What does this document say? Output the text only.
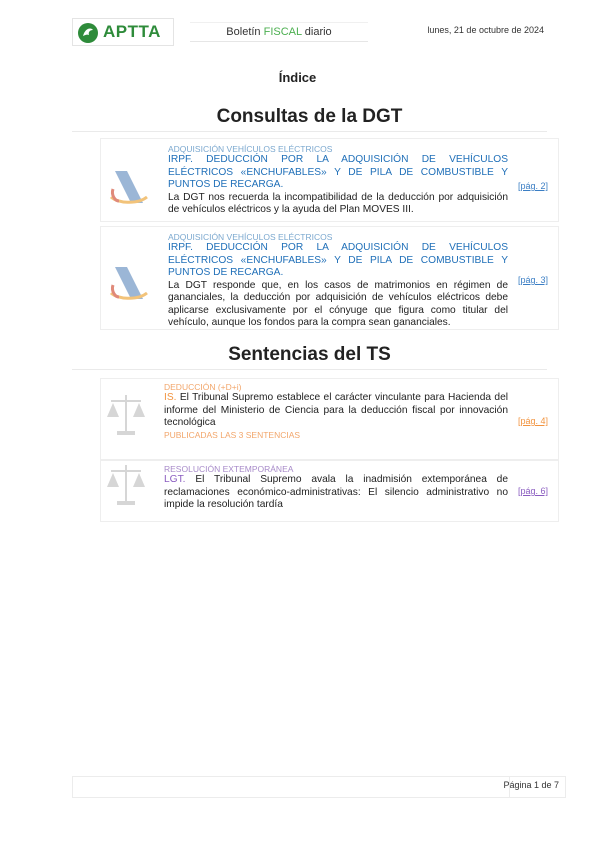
APTTA	Boletín FISCAL diario	lunes, 21 de octubre de 2024
Índice
Consultas de la DGT
ADQUISICIÓN VEHÍCULOS ELÉCTRICOS
IRPF. DEDUCCIÓN POR LA ADQUISICIÓN DE VEHÍCULOS ELÉCTRICOS «ENCHUFABLES» Y DE PILA DE COMBUSTIBLE Y PUNTOS DE RECARGA.
La DGT nos recuerda la incompatibilidad de la deducción por adquisición de vehículos eléctricos y la ayuda del Plan MOVES III.
[pág. 2]
ADQUISICIÓN VEHÍCULOS ELÉCTRICOS
IRPF. DEDUCCIÓN POR LA ADQUISICIÓN DE VEHÍCULOS ELÉCTRICOS «ENCHUFABLES» Y DE PILA DE COMBUSTIBLE Y PUNTOS DE RECARGA.
La DGT responde que, en los casos de matrimonios en régimen de gananciales, la deducción por adquisición de vehículos eléctricos debe aplicarse exclusivamente por el cónyuge que figura como titular del vehículo, aunque los fondos para la compra sean gananciales.
[pág. 3]
Sentencias del TS
DEDUCCIÓN (+D+i)
IS. El Tribunal Supremo establece el carácter vinculante para Hacienda del informe del Ministerio de Ciencia para la deducción fiscal por innovación tecnológica
PUBLICADAS LAS 3 SENTENCIAS
[pág. 4]
RESOLUCIÓN EXTEMPORÁNEA
LGT. El Tribunal Supremo avala la inadmisión extemporánea de reclamaciones económico-administrativas: El silencio administrativo no impide la resolución tardía
[pág. 6]
Página 1 de 7
